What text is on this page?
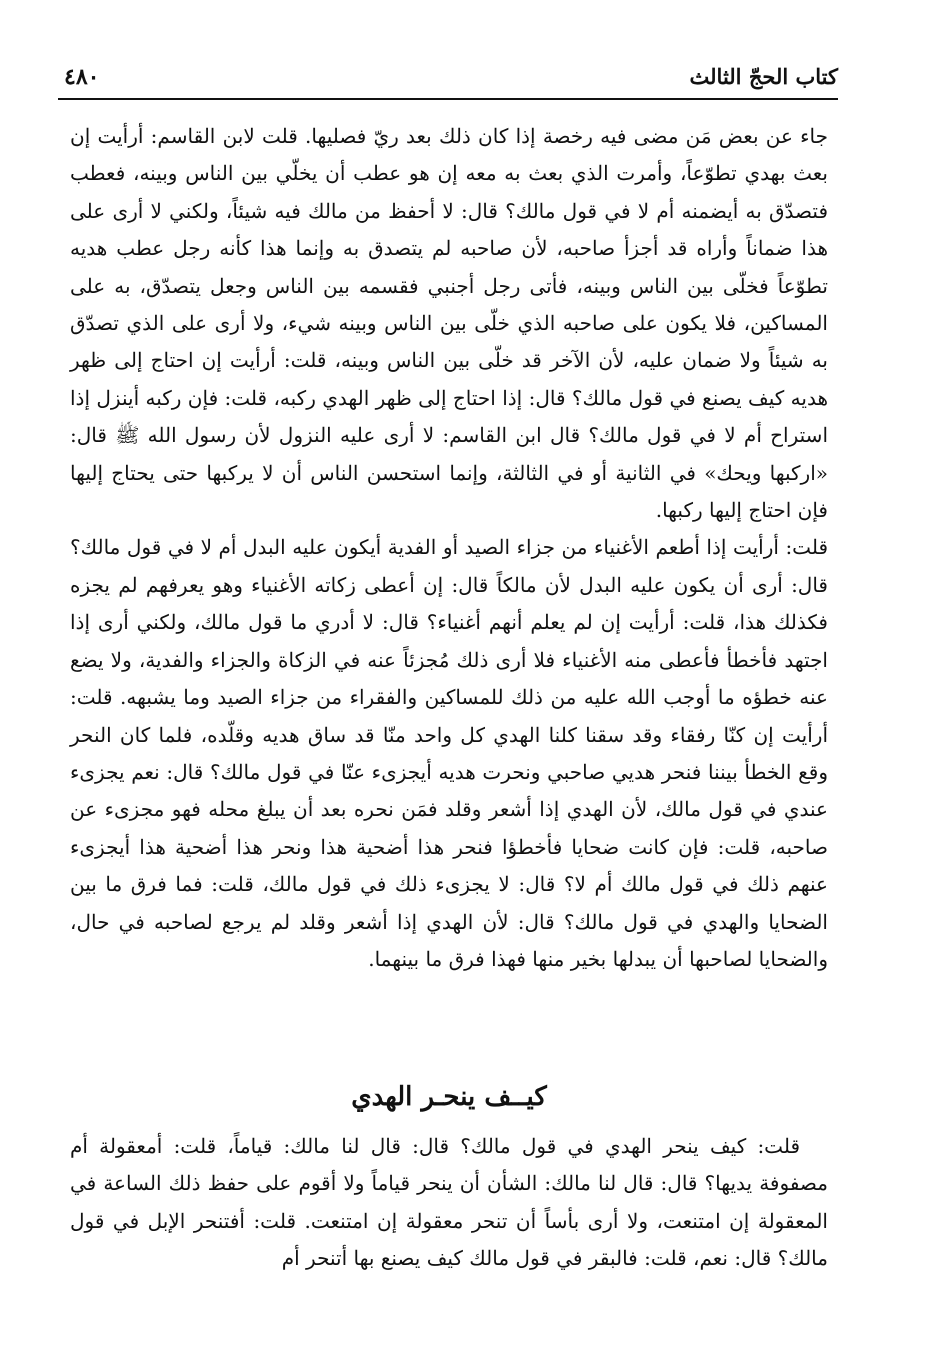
كتاب الحجّ الثالث
٤٨٠

جاء عن بعض مَن مضى فيه رخصة إذا كان ذلك بعد ريّ فصليها. قلت لابن القاسم: أرأيت إن بعث بهدي تطوّعاً، وأمرت الذي بعث به معه إن هو عطب أن يخلّي بين الناس وبينه، فعطب فتصدّق به أيضمنه أم لا في قول مالك؟ قال: لا أحفظ من مالك فيه شيئاً، ولكني لا أرى على هذا ضماناً وأراه قد أجزأ صاحبه، لأن صاحبه لم يتصدق به وإنما هذا كأنه رجل عطب هديه تطوّعاً فخلّى بين الناس وبينه، فأتى رجل أجنبي فقسمه بين الناس وجعل يتصدّق، به على المساكين، فلا يكون على صاحبه الذي خلّى بين الناس وبينه شيء، ولا أرى على الذي تصدّق به شيئاً ولا ضمان عليه، لأن الآخر قد خلّى بين الناس وبينه، قلت: أرأيت إن احتاج إلى ظهر هديه كيف يصنع في قول مالك؟ قال: إذا احتاج إلى ظهر الهدي ركبه، قلت: فإن ركبه أينزل إذا استراح أم لا في قول مالك؟ قال ابن القاسم: لا أرى عليه النزول لأن رسول الله ﷺ قال: «اركبها ويحك» في الثانية أو في الثالثة، وإنما استحسن الناس أن لا يركبها حتى يحتاج إليها فإن احتاج إليها ركبها.

قلت: أرأيت إذا أطعم الأغنياء من جزاء الصيد أو الفدية أيكون عليه البدل أم لا في قول مالك؟ قال: أرى أن يكون عليه البدل لأن مالكاً قال: إن أعطى زكاته الأغنياء وهو يعرفهم لم يجزه فكذلك هذا، قلت: أرأيت إن لم يعلم أنهم أغنياء؟ قال: لا أدري ما قول مالك، ولكني أرى إذا اجتهد فأخطأ فأعطى منه الأغنياء فلا أرى ذلك مُجزئاً عنه في الزكاة والجزاء والفدية، ولا يضع عنه خطؤه ما أوجب الله عليه من ذلك للمساكين والفقراء من جزاء الصيد وما يشبهه. قلت: أرأيت إن كنّا رفقاء وقد سقنا كلنا الهدي كل واحد منّا قد ساق هديه وقلّده، فلما كان النحر وقع الخطأ بيننا فنحر هديي صاحبي ونحرت هديه أيجزىء عنّا في قول مالك؟ قال: نعم يجزىء عندي في قول مالك، لأن الهدي إذا أشعر وقلد فمَن نحره بعد أن يبلغ محله فهو مجزىء عن صاحبه، قلت: فإن كانت ضحايا فأخطؤا فنحر هذا أضحية هذا ونحر هذا أضحية هذا أيجزىء عنهم ذلك في قول مالك أم لا؟ قال: لا يجزىء ذلك في قول مالك، قلت: فما فرق ما بين الضحايا والهدي في قول مالك؟ قال: لأن الهدي إذا أشعر وقلد لم يرجع لصاحبه في حال، والضحايا لصاحبها أن يبدلها بخير منها فهذا فرق ما بينهما.

كيــف ينحـر الهدي

قلت: كيف ينحر الهدي في قول مالك؟ قال: قال لنا مالك: قياماً، قلت: أمعقولة أم مصفوفة يديها؟ قال: قال لنا مالك: الشأن أن ينحر قياماً ولا أقوم على حفظ ذلك الساعة في المعقولة إن امتنعت، ولا أرى بأساً أن تنحر معقولة إن امتنعت. قلت: أفتنحر الإبل في قول مالك؟ قال: نعم، قلت: فالبقر في قول مالك كيف يصنع بها أتنحر أم
